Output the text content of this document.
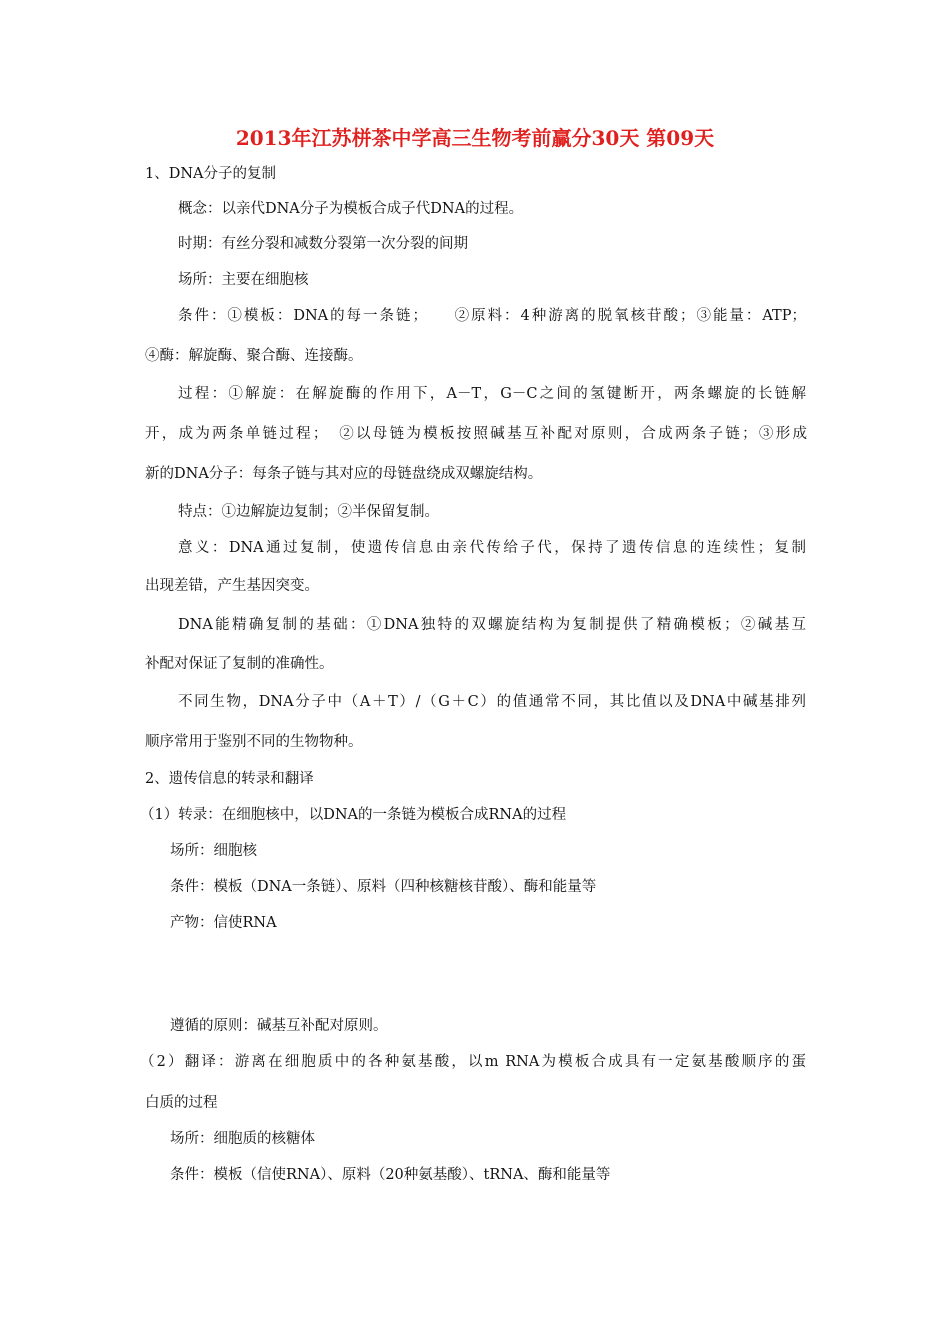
2013年江苏栟茶中学高三生物考前赢分30天 第09天
1、DNA分子的复制
概念：以亲代DNA分子为模板合成子代DNA的过程。
时期：有丝分裂和减数分裂第一次分裂的间期
场所：主要在细胞核
条件：①模板：DNA的每一条链；　　②原料：4种游离的脱氧核苷酸；③能量：ATP；
④酶：解旋酶、聚合酶、连接酶。
过程：①解旋：在解旋酶的作用下，A－T，G－C之间的氢键断开，两条螺旋的长链解
开，成为两条单链过程；　②以母链为模板按照碱基互补配对原则，合成两条子链；③形成
新的DNA分子：每条子链与其对应的母链盘绕成双螺旋结构。
特点：①边解旋边复制；②半保留复制。
意义：DNA通过复制，使遗传信息由亲代传给子代，保持了遗传信息的连续性；复制
出现差错，产生基因突变。
DNA能精确复制的基础：①DNA独特的双螺旋结构为复制提供了精确模板；②碱基互
补配对保证了复制的准确性。
不同生物，DNA分子中（A＋T）/（G＋C）的值通常不同，其比值以及DNA中碱基排列
顺序常用于鉴别不同的生物物种。
2、遗传信息的转录和翻译
（1）转录：在细胞核中，以DNA的一条链为模板合成RNA的过程
场所：细胞核
条件：模板（DNA一条链）、原料（四种核糖核苷酸）、酶和能量等
产物：信使RNA
遵循的原则：碱基互补配对原则。
（2）翻译：游离在细胞质中的各种氨基酸，以m RNA为模板合成具有一定氨基酸顺序的蛋
白质的过程
场所：细胞质的核糖体
条件：模板（信使RNA）、原料（20种氨基酸）、tRNA、酶和能量等
